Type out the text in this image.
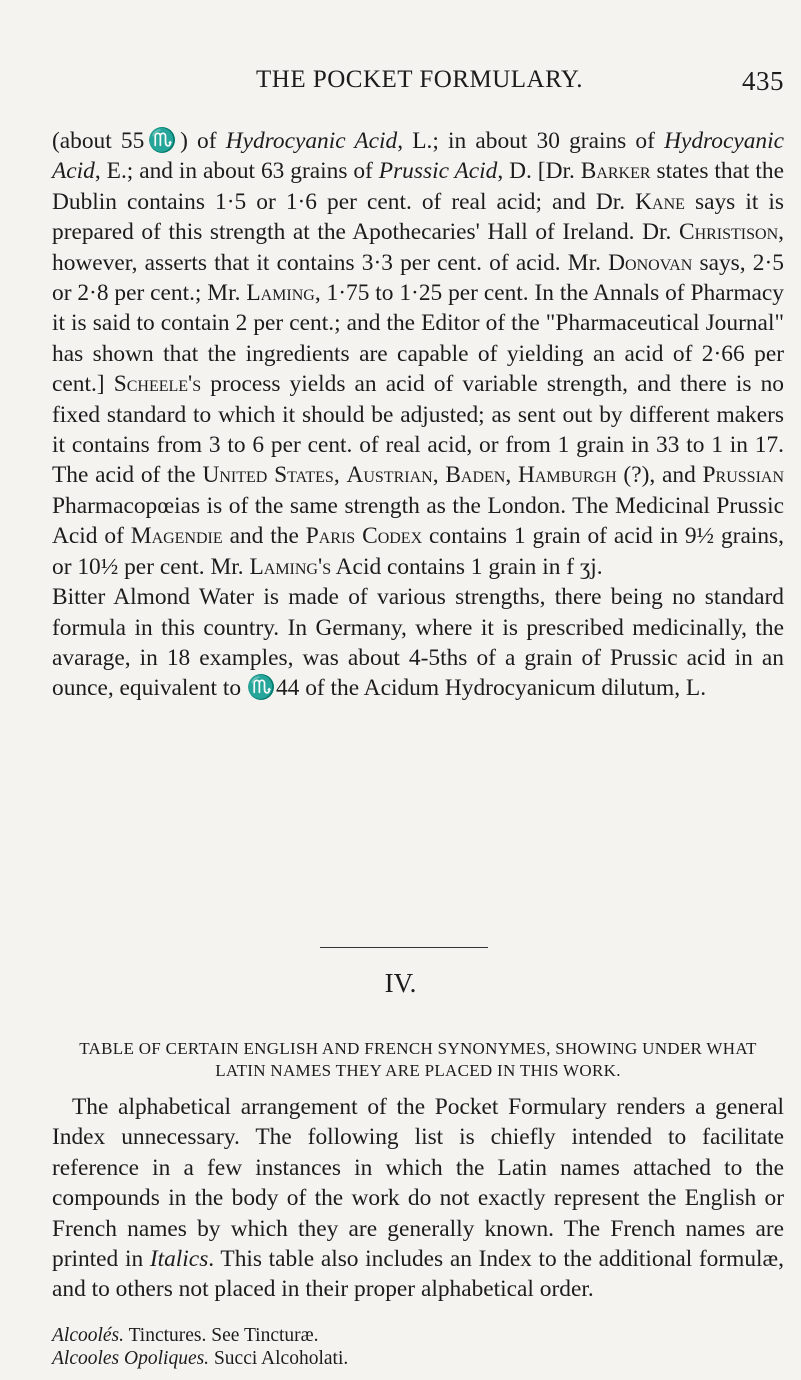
THE POCKET FORMULARY.	435

(about 55♏) of Hydrocyanic Acid, L.; in about 30 grains of Hydrocyanic Acid, E.; and in about 63 grains of Prussic Acid, D. [Dr. Barker states that the Dublin contains 1·5 or 1·6 per cent. of real acid; and Dr. Kane says it is prepared of this strength at the Apothecaries' Hall of Ireland. Dr. Christison, however, asserts that it contains 3·3 per cent. of acid. Mr. Donovan says, 2·5 or 2·8 per cent.; Mr. Laming, 1·75 to 1·25 per cent. In the Annals of Pharmacy it is said to contain 2 per cent.; and the Editor of the "Pharmaceutical Journal" has shown that the ingredients are capable of yielding an acid of 2·66 per cent.] Scheele's process yields an acid of variable strength, and there is no fixed standard to which it should be adjusted; as sent out by different makers it contains from 3 to 6 per cent. of real acid, or from 1 grain in 33 to 1 in 17. The acid of the United States, Austrian, Baden, Hamburgh (?), and Prussian Pharmacopœias is of the same strength as the London. The Medicinal Prussic Acid of Magendie and the Paris Codex contains 1 grain of acid in 9½ grains, or 10½ per cent. Mr. Laming's Acid contains 1 grain in f ʒj.

Bitter Almond Water is made of various strengths, there being no standard formula in this country. In Germany, where it is prescribed medicinally, the avarage, in 18 examples, was about 4-5ths of a grain of Prussic acid in an ounce, equivalent to ♏44 of the Acidum Hydrocyanicum dilutum, L.

IV.
TABLE OF CERTAIN ENGLISH AND FRENCH SYNONYMES, SHOWING UNDER WHAT LATIN NAMES THEY ARE PLACED IN THIS WORK.

The alphabetical arrangement of the Pocket Formulary renders a general Index unnecessary. The following list is chiefly intended to facilitate reference in a few instances in which the Latin names attached to the compounds in the body of the work do not exactly represent the English or French names by which they are generally known. The French names are printed in Italics. This table also includes an Index to the additional formulæ, and to others not placed in their proper alphabetical order.

Alcoolés. Tinctures. See Tincturæ.
Alcooles Opoliques. Succi Alcoholati.
